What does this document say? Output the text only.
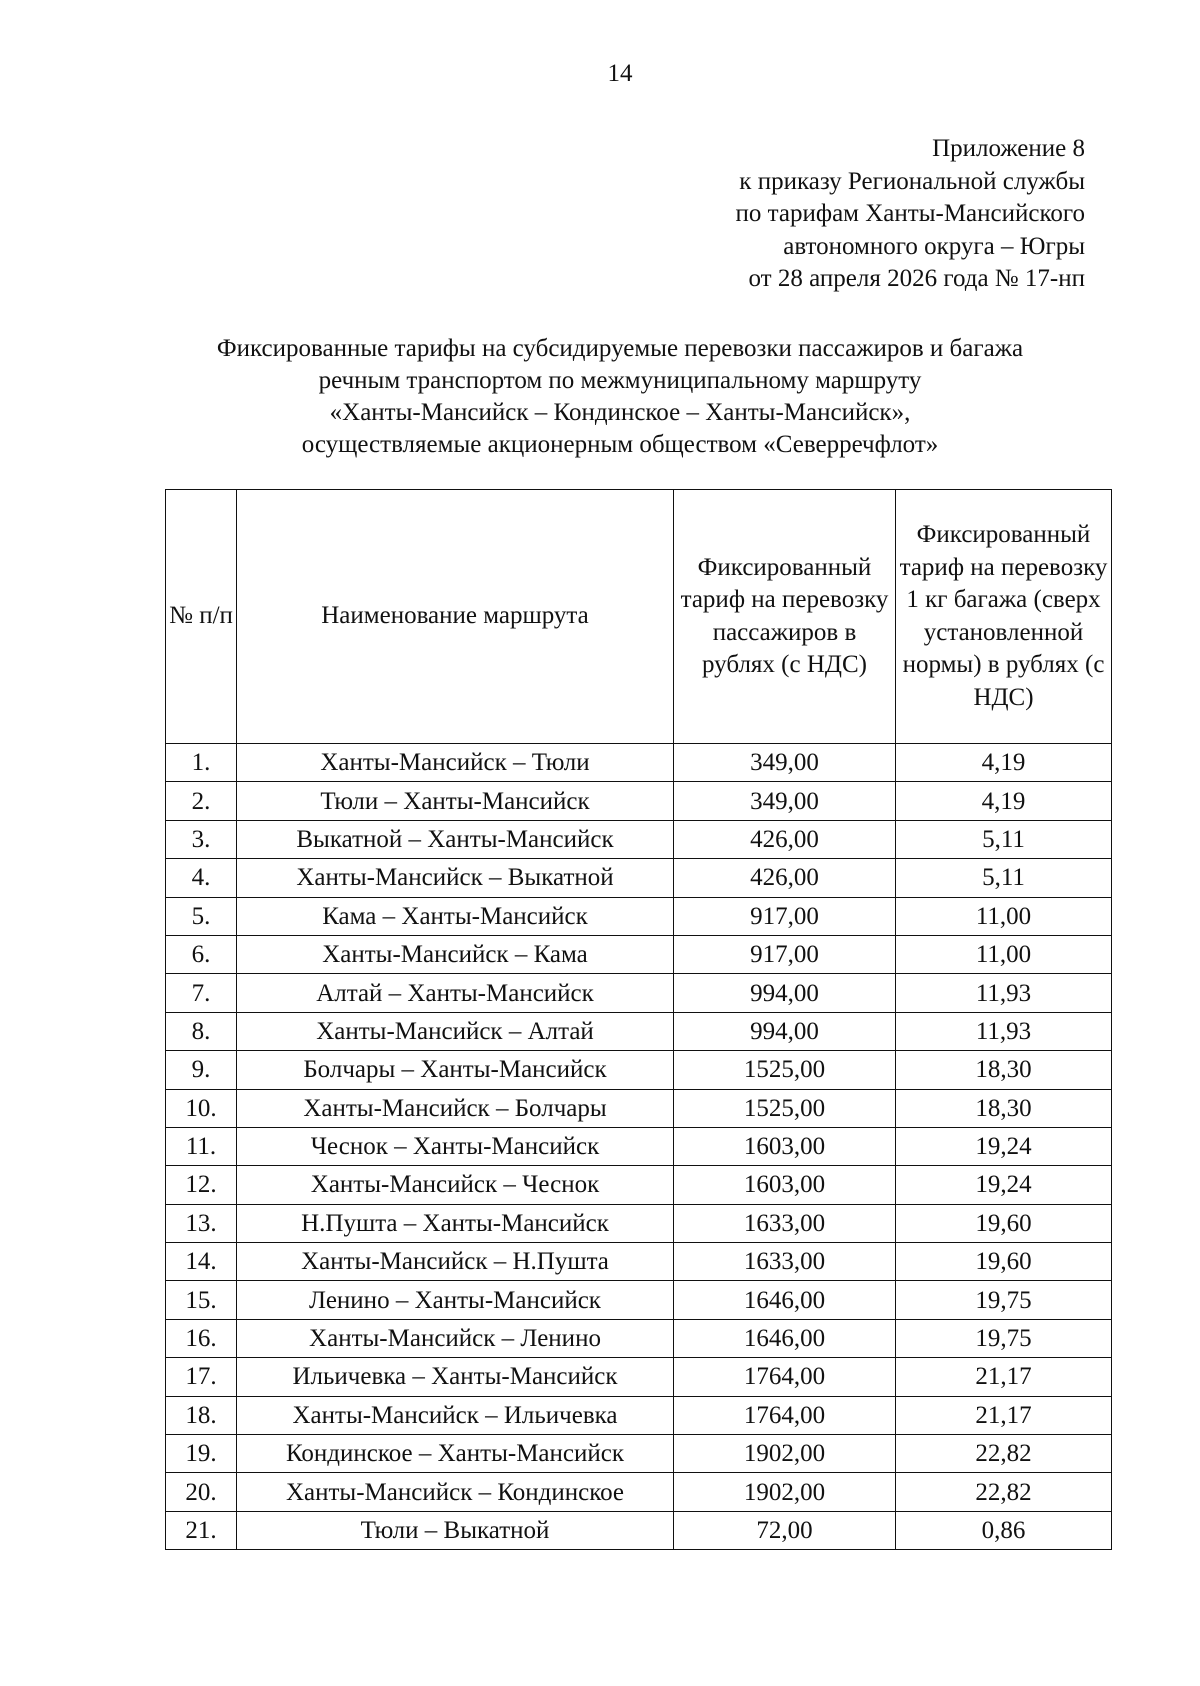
14
Приложение 8
к приказу Региональной службы
по тарифам Ханты-Мансийского
автономного округа – Югры
от 28 апреля 2026 года № 17-нп
Фиксированные тарифы на субсидируемые перевозки пассажиров и багажа
речным транспортом по межмуниципальному маршруту
«Ханты-Мансийск – Кондинское – Ханты-Мансийск»,
осуществляемые акционерным обществом «Северречфлот»
№ п/п	Наименование маршрута	Фиксированный тариф на перевозку пассажиров в рублях (с НДС)	Фиксированный тариф на перевозку 1 кг багажа (сверх установленной нормы) в рублях (с НДС)
1.	Ханты-Мансийск – Тюли	349,00	4,19
2.	Тюли – Ханты-Мансийск	349,00	4,19
3.	Выкатной – Ханты-Мансийск	426,00	5,11
4.	Ханты-Мансийск – Выкатной	426,00	5,11
5.	Кама – Ханты-Мансийск	917,00	11,00
6.	Ханты-Мансийск – Кама	917,00	11,00
7.	Алтай – Ханты-Мансийск	994,00	11,93
8.	Ханты-Мансийск – Алтай	994,00	11,93
9.	Болчары – Ханты-Мансийск	1525,00	18,30
10.	Ханты-Мансийск – Болчары	1525,00	18,30
11.	Чеснок – Ханты-Мансийск	1603,00	19,24
12.	Ханты-Мансийск – Чеснок	1603,00	19,24
13.	Н.Пушта – Ханты-Мансийск	1633,00	19,60
14.	Ханты-Мансийск – Н.Пушта	1633,00	19,60
15.	Ленино – Ханты-Мансийск	1646,00	19,75
16.	Ханты-Мансийск – Ленино	1646,00	19,75
17.	Ильичевка – Ханты-Мансийск	1764,00	21,17
18.	Ханты-Мансийск – Ильичевка	1764,00	21,17
19.	Кондинское – Ханты-Мансийск	1902,00	22,82
20.	Ханты-Мансийск – Кондинское	1902,00	22,82
21.	Тюли – Выкатной	72,00	0,86
